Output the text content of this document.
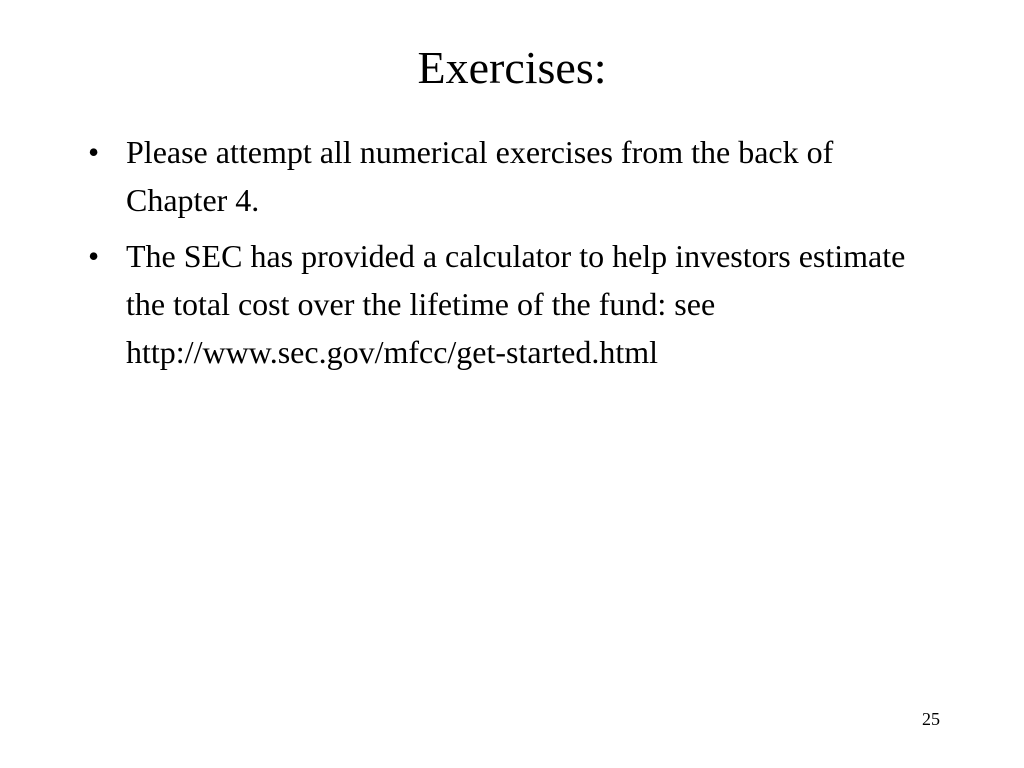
Exercises:
• Please attempt all numerical exercises from the back of Chapter 4.
• The SEC has provided a calculator to help investors estimate the total cost over the lifetime of the fund: see http://www.sec.gov/mfcc/get-started.html
25
